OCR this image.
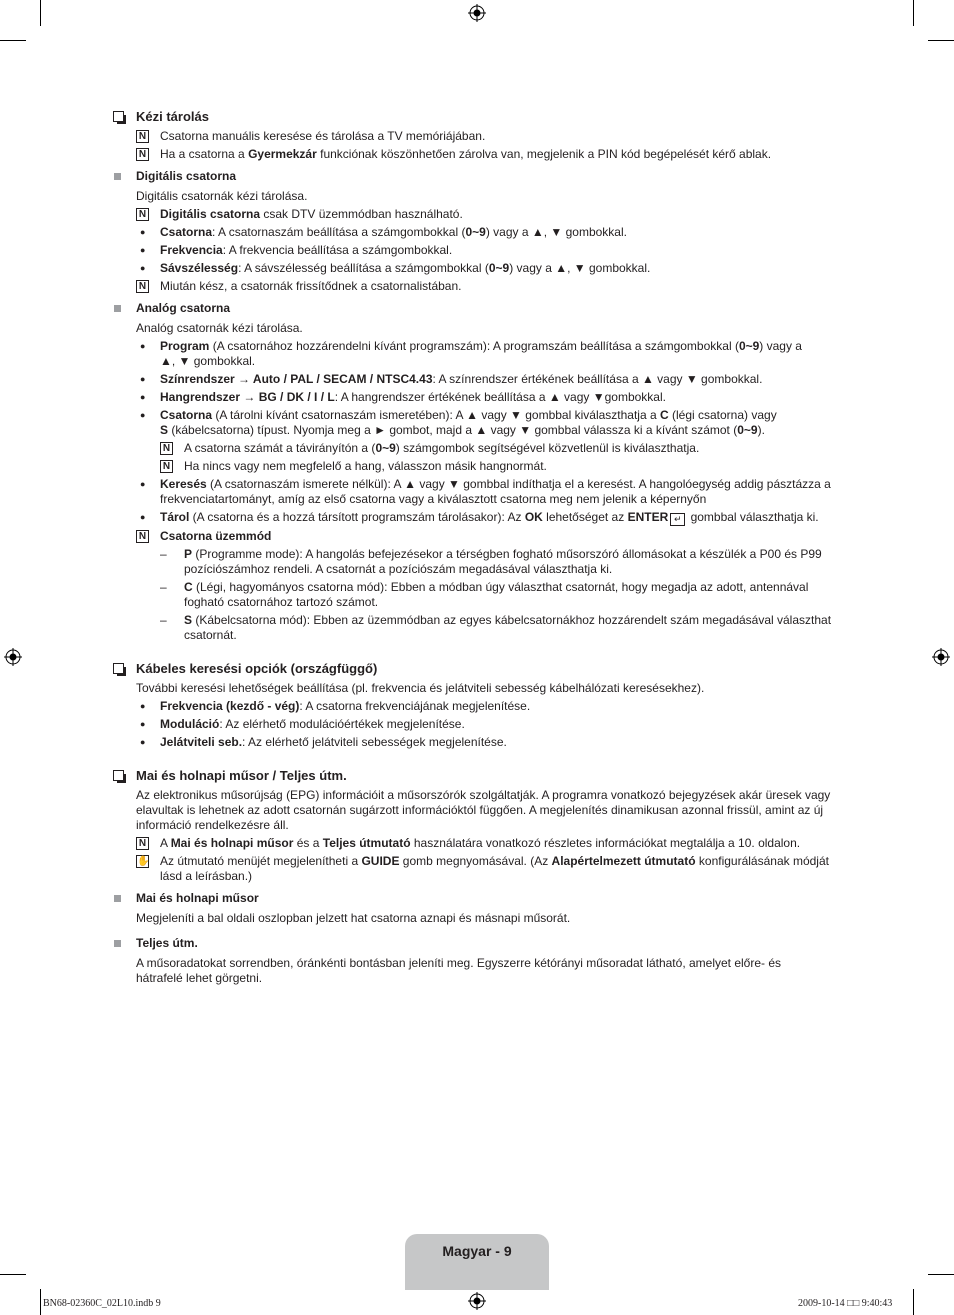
Kézi tárolás
N Csatorna manuális keresése és tárolása a TV memóriájában.
N Ha a csatorna a Gyermekzár funkciónak köszönhetően zárolva van, megjelenik a PIN kód begépelését kérő ablak.
Digitális csatorna
Digitális csatornák kézi tárolása.
N Digitális csatorna csak DTV üzemmódban használható.
● Csatorna: A csatornaszám beállítása a számgombokkal (0~9) vagy a ▲, ▼ gombokkal.
● Frekvencia: A frekvencia beállítása a számgombokkal.
● Sávszélesség: A sávszélesség beállítása a számgombokkal (0~9) vagy a ▲, ▼ gombokkal.
N Miután kész, a csatornák frissítődnek a csatornalistában.
Analóg csatorna
Analóg csatornák kézi tárolása.
● Program (A csatornához hozzárendelni kívánt programszám): A programszám beállítása a számgombokkal (0~9) vagy a
▲, ▼ gombokkal.
● Színrendszer → Auto / PAL / SECAM / NTSC4.43: A színrendszer értékének beállítása a ▲ vagy ▼ gombokkal.
● Hangrendszer → BG / DK / I / L: A hangrendszer értékének beállítása a ▲ vagy ▼gombokkal.
● Csatorna (A tárolni kívánt csatornaszám ismeretében): A ▲ vagy ▼ gombbal kiválaszthatja a C (légi csatorna) vagy
S (kábelcsatorna) típust. Nyomja meg a ► gombot, majd a ▲ vagy ▼ gombbal válassza ki a kívánt számot (0~9).
N A csatorna számát a távirányítón a (0~9) számgombok segítségével közvetlenül is kiválaszthatja.
N Ha nincs vagy nem megfelelő a hang, válasszon másik hangnormát.
● Keresés (A csatornaszám ismerete nélkül): A ▲ vagy ▼ gombbal indíthatja el a keresést. A hangolóegység addig pásztázza a
frekvenciatartományt, amíg az első csatorna vagy a kiválasztott csatorna meg nem jelenik a képernyőn
● Tárol (A csatorna és a hozzá társított programszám tárolásakor): Az OK lehetőséget az ENTER ↵ gombbal választhatja ki.
N Csatorna üzemmód
–	P (Programme mode): A hangolás befejezésekor a térségben fogható műsorszóró állomásokat a készülék a P00 és P99
pozíciószámhoz rendeli. A csatornát a pozíciószám megadásával választhatja ki.
–	C (Légi, hagyományos csatorna mód): Ebben a módban úgy választhat csatornát, hogy megadja az adott, antennával
fogható csatornához tartozó számot.
–	S (Kábelcsatorna mód): Ebben az üzemmódban az egyes kábelcsatornákhoz hozzárendelt szám megadásával választhat
csatornát.
Kábeles keresési opciók (országfüggő)
További keresési lehetőségek beállítása (pl. frekvencia és jelátviteli sebesség kábelhálózati keresésekhez).
● Frekvencia (kezdő - vég): A csatorna frekvenciájának megjelenítése.
● Moduláció: Az elérhető modulációértékek megjelenítése.
● Jelátviteli seb.: Az elérhető jelátviteli sebességek megjelenítése.
Mai és holnapi műsor / Teljes útm.
Az elektronikus műsorújság (EPG) információit a műsorszórók szolgáltatják. A programra vonatkozó bejegyzések akár üresek vagy
elavultak is lehetnek az adott csatornán sugárzott információktól függően. A megjelenítés dinamikusan azonnal frissül, amint az új
információ rendelkezésre áll.
N A Mai és holnapi műsor és a Teljes útmutató használatára vonatkozó részletes információkat megtalálja a 10. oldalon.
✋ Az útmutató menüjét megjelenítheti a GUIDE gomb megnyomásával. (Az Alapértelmezett útmutató konfigurálásának módját
lásd a leírásban.)
Mai és holnapi műsor
Megjeleníti a bal oldali oszlopban jelzett hat csatorna aznapi és másnapi műsorát.
Teljes útm.
A műsoradatokat sorrendben, óránkénti bontásban jeleníti meg. Egyszerre kétórányi műsoradat látható, amelyet előre- és
hátrafelé lehet görgetni.
Magyar - 9
BN68-02360C_02L10.indb 9	2009-10-14 □□ 9:40:43
